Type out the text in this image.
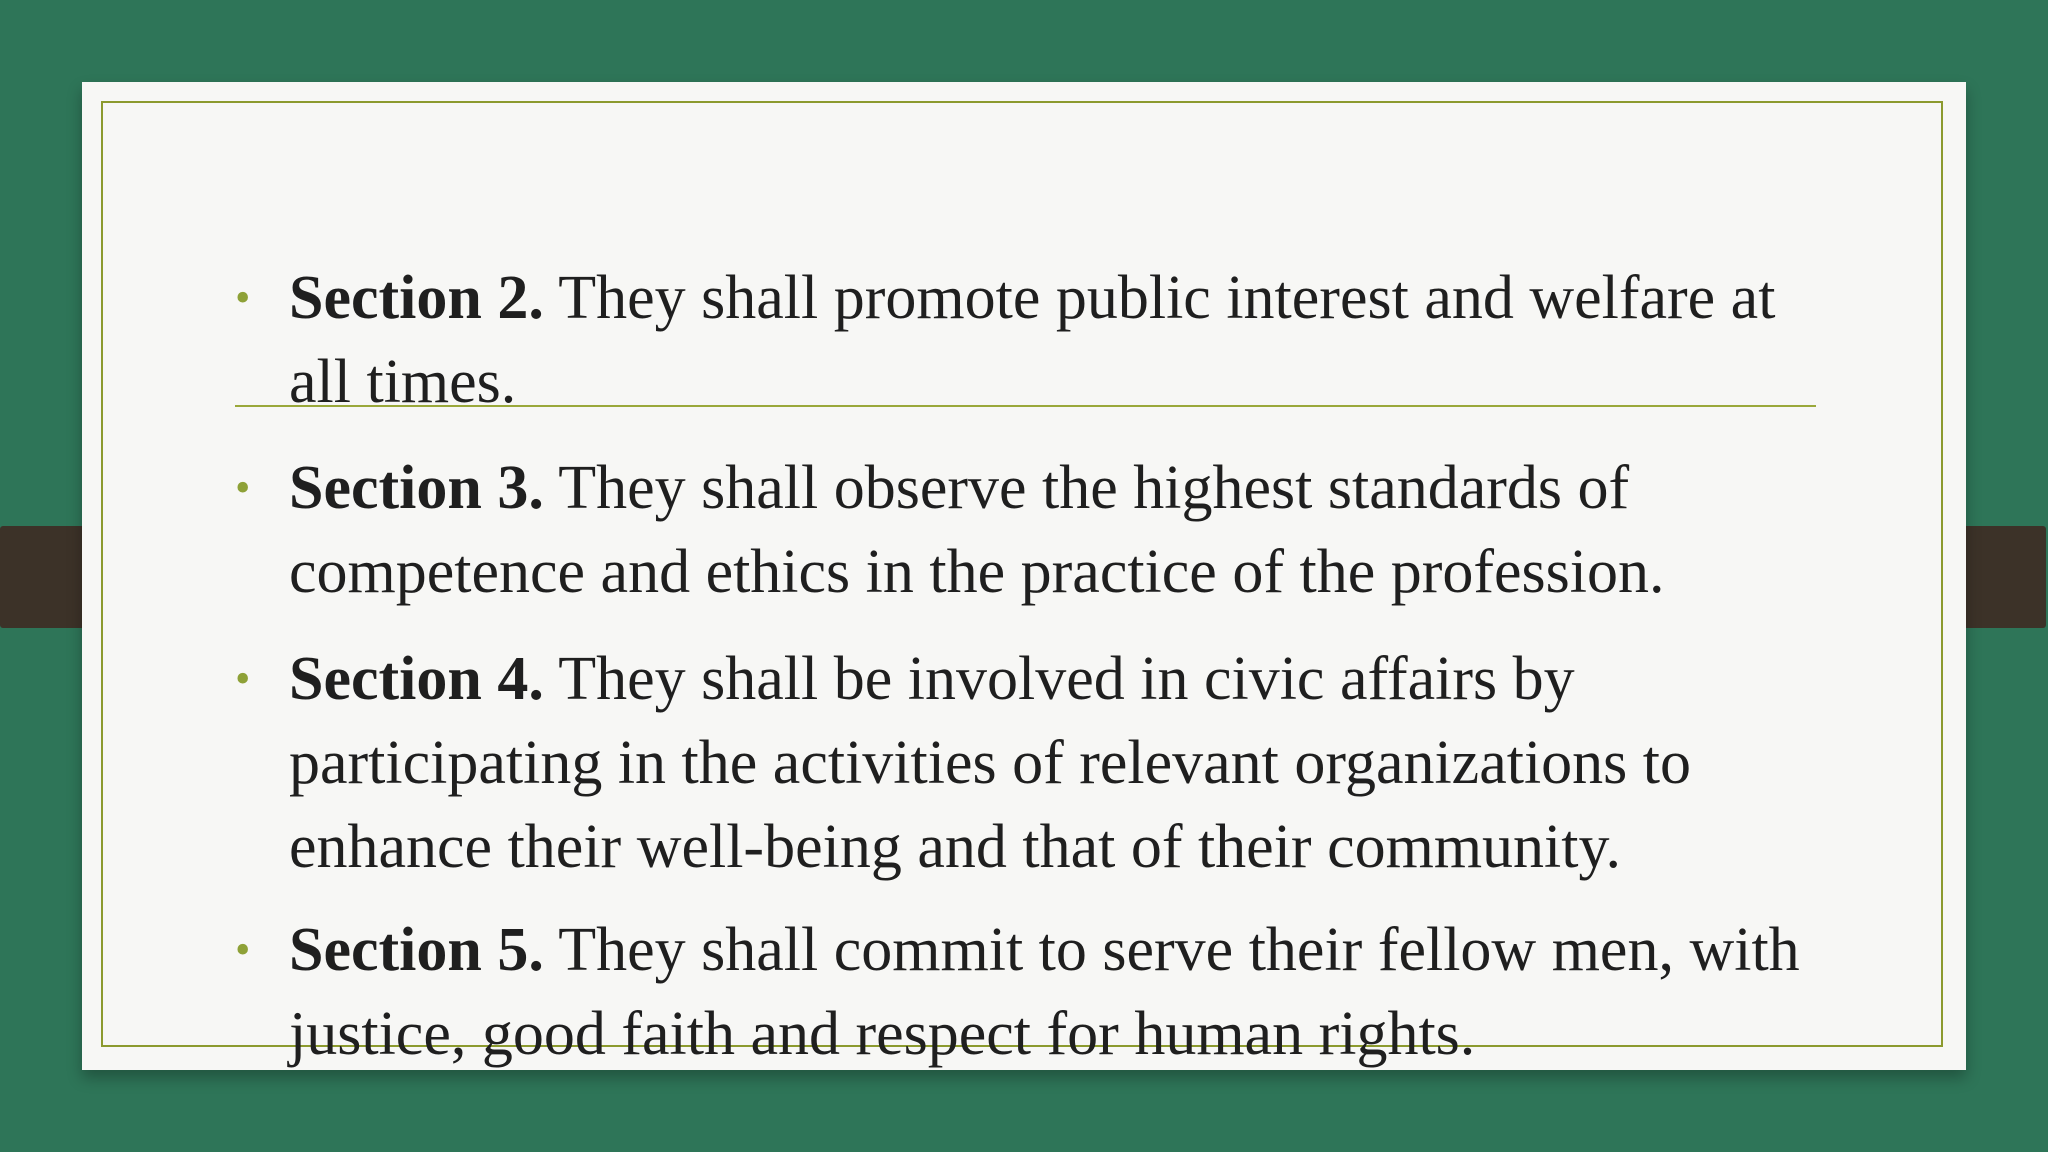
• Section 2. They shall promote public interest and welfare at all times.
• Section 3. They shall observe the highest standards of competence and ethics in the practice of the profession.
• Section 4. They shall be involved in civic affairs by participating in the activities of relevant organizations to enhance their well-being and that of their community.
• Section 5. They shall commit to serve their fellow men, with justice, good faith and respect for human rights.
